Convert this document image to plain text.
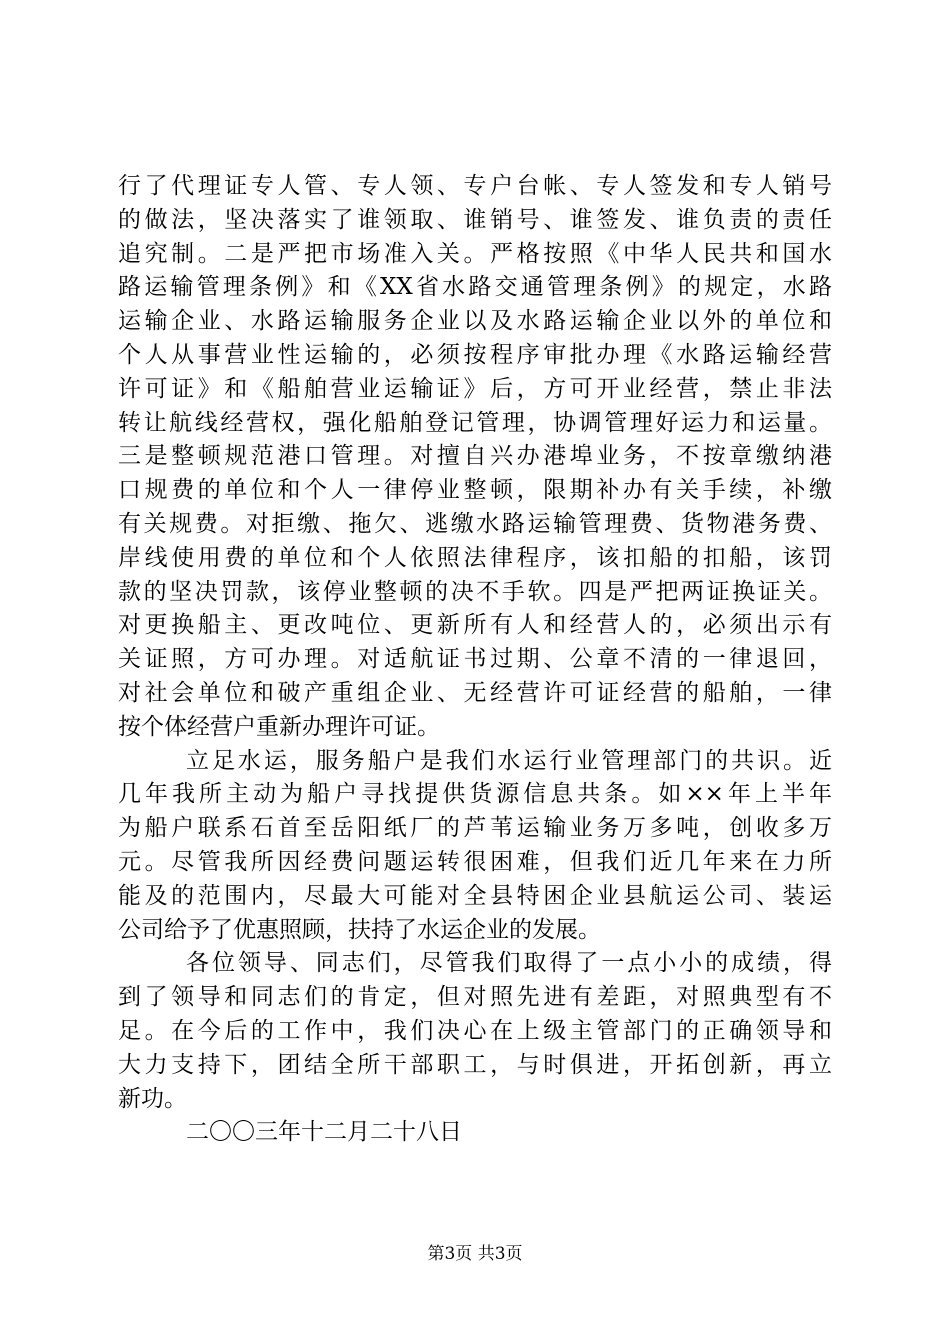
行了代理证专人管、专人领、专户台帐、专人签发和专人销号
的做法，坚决落实了谁领取、谁销号、谁签发、谁负责的责任
追究制。二是严把市场准入关。严格按照《中华人民共和国水
路运输管理条例》和《XX省水路交通管理条例》的规定，水路
运输企业、水路运输服务企业以及水路运输企业以外的单位和
个人从事营业性运输的，必须按程序审批办理《水路运输经营
许可证》和《船舶营业运输证》后，方可开业经营，禁止非法
转让航线经营权，强化船舶登记管理，协调管理好运力和运量。
三是整顿规范港口管理。对擅自兴办港埠业务，不按章缴纳港
口规费的单位和个人一律停业整顿，限期补办有关手续，补缴
有关规费。对拒缴、拖欠、逃缴水路运输管理费、货物港务费、
岸线使用费的单位和个人依照法律程序，该扣船的扣船，该罚
款的坚决罚款，该停业整顿的决不手软。四是严把两证换证关。
对更换船主、更改吨位、更新所有人和经营人的，必须出示有
关证照，方可办理。对适航证书过期、公章不清的一律退回，
对社会单位和破产重组企业、无经营许可证经营的船舶，一律
按个体经营户重新办理许可证。
立足水运，服务船户是我们水运行业管理部门的共识。近
几年我所主动为船户寻找提供货源信息共条。如××年上半年
为船户联系石首至岳阳纸厂的芦苇运输业务万多吨，创收多万
元。尽管我所因经费问题运转很困难，但我们近几年来在力所
能及的范围内，尽最大可能对全县特困企业县航运公司、装运
公司给予了优惠照顾，扶持了水运企业的发展。
各位领导、同志们，尽管我们取得了一点小小的成绩，得
到了领导和同志们的肯定，但对照先进有差距，对照典型有不
足。在今后的工作中，我们决心在上级主管部门的正确领导和
大力支持下，团结全所干部职工，与时俱进，开拓创新，再立
新功。
二〇〇三年十二月二十八日
第3页 共3页
